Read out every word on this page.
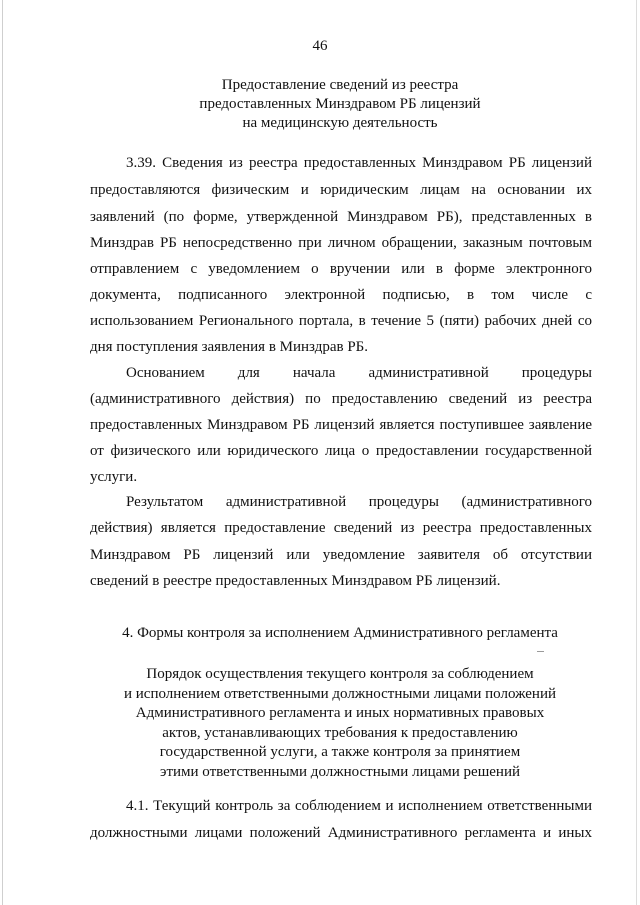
46
Предоставление сведений из реестра
предоставленных Минздравом РБ лицензий
на медицинскую деятельность
3.39. Сведения из реестра предоставленных Минздравом РБ лицензий
предоставляются физическим и юридическим лицам на основании их
заявлений (по форме, утвержденной Минздравом РБ), представленных в
Минздрав РБ непосредственно при личном обращении, заказным почтовым
отправлением с уведомлением о вручении или в форме электронного
документа, подписанного электронной подписью, в том числе с
использованием Регионального портала, в течение 5 (пяти) рабочих дней со
дня поступления заявления в Минздрав РБ.
Основанием для начала административной процедуры
(административного действия) по предоставлению сведений из реестра
предоставленных Минздравом РБ лицензий является поступившее заявление
от физического или юридического лица о предоставлении государственной
услуги.
Результатом административной процедуры (административного
действия) является предоставление сведений из реестра предоставленных
Минздравом РБ лицензий или уведомление заявителя об отсутствии
сведений в реестре предоставленных Минздравом РБ лицензий.
4. Формы контроля за исполнением Административного регламента
Порядок осуществления текущего контроля за соблюдением
и исполнением ответственными должностными лицами положений
Административного регламента и иных нормативных правовых
актов, устанавливающих требования к предоставлению
государственной услуги, а также контроля за принятием
этими ответственными должностными лицами решений
4.1. Текущий контроль за соблюдением и исполнением ответственными
должностными лицами положений Административного регламента и иных
